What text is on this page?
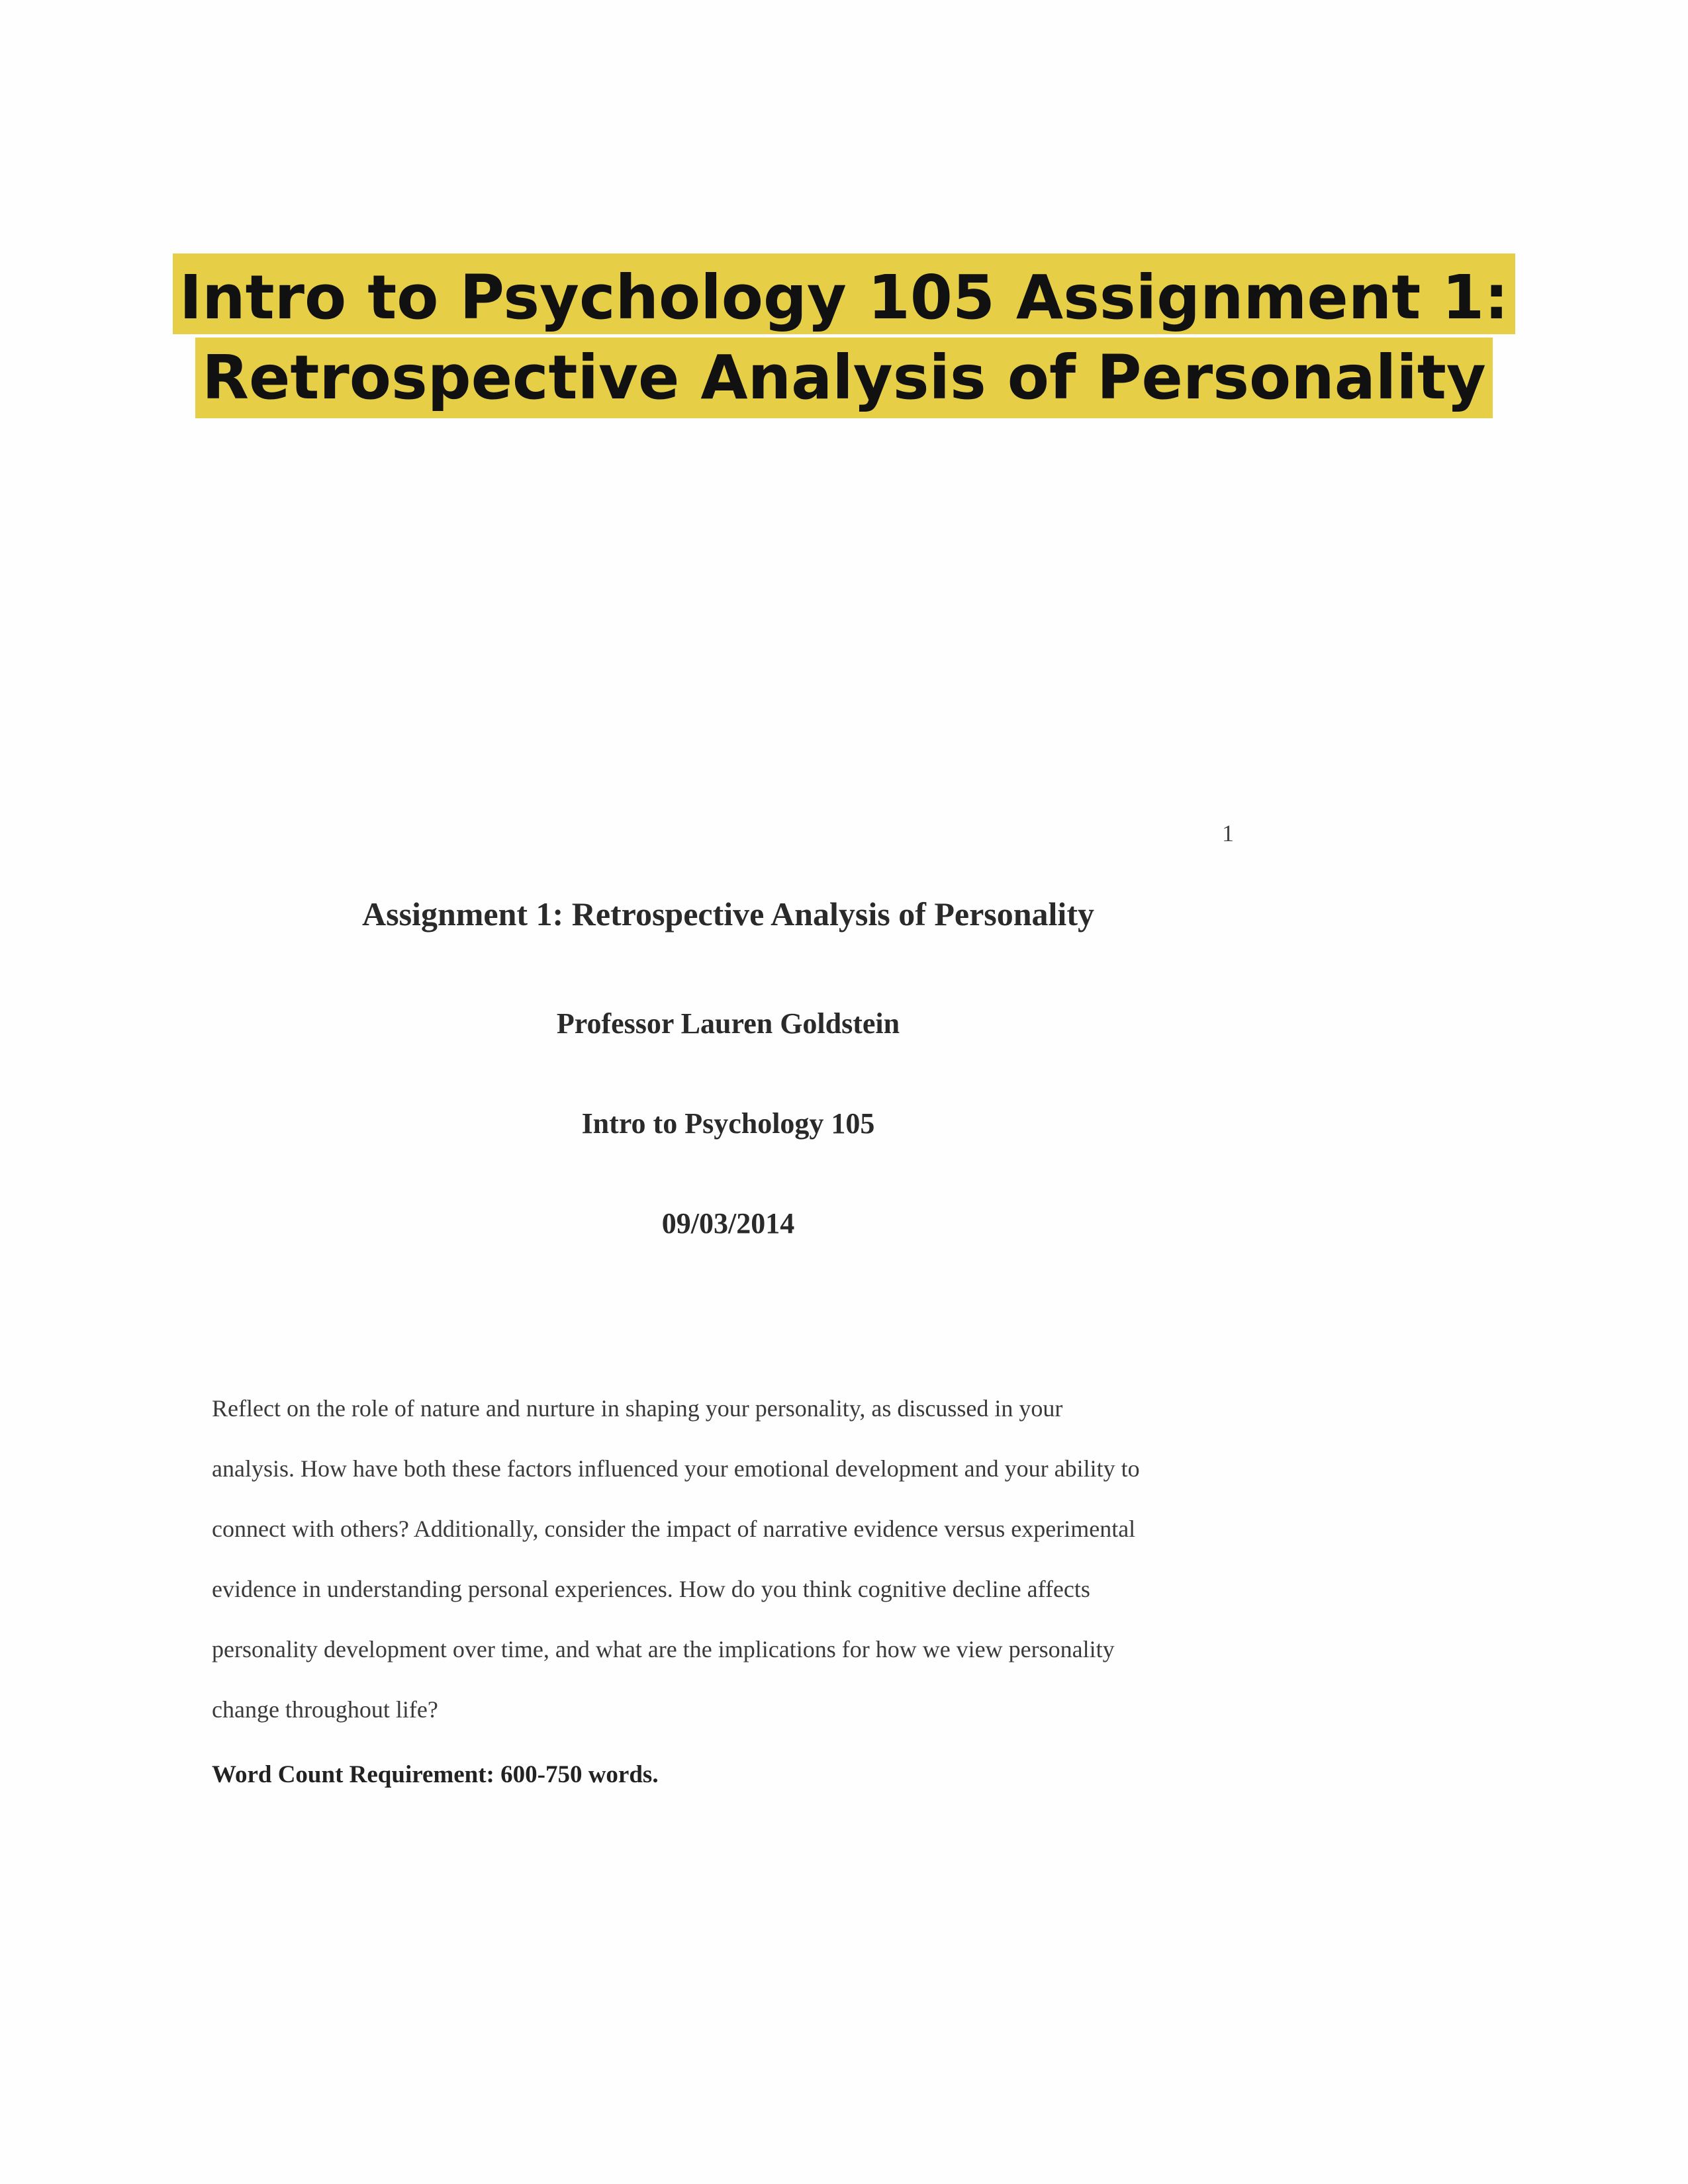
Intro to Psychology 105 Assignment 1:
Retrospective Analysis of Personality
1
Assignment 1: Retrospective Analysis of Personality
Professor Lauren Goldstein
Intro to Psychology 105
09/03/2014
Reflect on the role of nature and nurture in shaping your personality, as discussed in your
analysis. How have both these factors influenced your emotional development and your ability to
connect with others? Additionally, consider the impact of narrative evidence versus experimental
evidence in understanding personal experiences. How do you think cognitive decline affects
personality development over time, and what are the implications for how we view personality
change throughout life?
Word Count Requirement: 600-750 words.
